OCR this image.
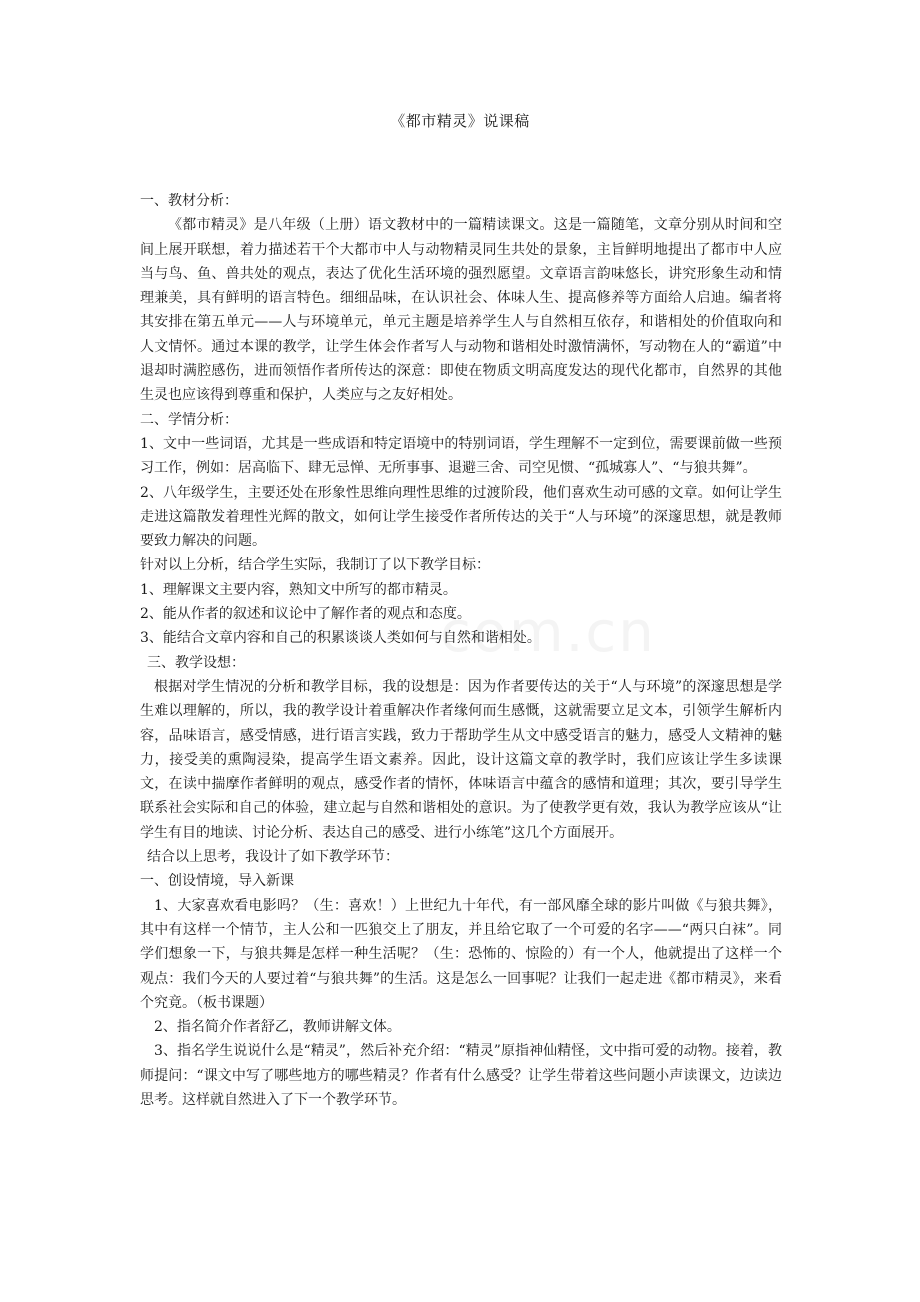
com.cn
《都市精灵》说课稿

一、教材分析：

《都市精灵》是八年级（上册）语文教材中的一篇精读课文。这是一篇随笔，文章分别从时间和空间上展开联想，着力描述若干个大都市中人与动物精灵同生共处的景象，主旨鲜明地提出了都市中人应当与鸟、鱼、兽共处的观点，表达了优化生活环境的强烈愿望。文章语言韵味悠长，讲究形象生动和情理兼美，具有鲜明的语言特色。细细品味，在认识社会、体味人生、提高修养等方面给人启迪。编者将其安排在第五单元——人与环境单元，单元主题是培养学生人与自然相互依存，和谐相处的价值取向和人文情怀。通过本课的教学，让学生体会作者写人与动物和谐相处时激情满怀，写动物在人的“霸道”中退却时满腔感伤，进而领悟作者所传达的深意：即使在物质文明高度发达的现代化都市，自然界的其他生灵也应该得到尊重和保护，人类应与之友好相处。

二、学情分析：

1、文中一些词语，尤其是一些成语和特定语境中的特别词语，学生理解不一定到位，需要课前做一些预习工作，例如：居高临下、肆无忌惮、无所事事、退避三舍、司空见惯、“孤城寡人”、“与狼共舞”。

2、八年级学生，主要还处在形象性思维向理性思维的过渡阶段，他们喜欢生动可感的文章。如何让学生走进这篇散发着理性光辉的散文，如何让学生接受作者所传达的关于“人与环境”的深邃思想，就是教师要致力解决的问题。

针对以上分析，结合学生实际，我制订了以下教学目标：

1、理解课文主要内容，熟知文中所写的都市精灵。

2、能从作者的叙述和议论中了解作者的观点和态度。

3、能结合文章内容和自己的积累谈谈人类如何与自然和谐相处。

三、教学设想：

根据对学生情况的分析和教学目标，我的设想是：因为作者要传达的关于“人与环境”的深邃思想是学生难以理解的，所以，我的教学设计着重解决作者缘何而生感慨，这就需要立足文本，引领学生解析内容，品味语言，感受情感，进行语言实践，致力于帮助学生从文中感受语言的魅力，感受人文精神的魅力，接受美的熏陶浸染，提高学生语文素养。因此，设计这篇文章的教学时，我们应该让学生多读课文，在读中揣摩作者鲜明的观点，感受作者的情怀，体味语言中蕴含的感情和道理；其次，要引导学生联系社会实际和自己的体验，建立起与自然和谐相处的意识。为了使教学更有效，我认为教学应该从“让学生有目的地读、讨论分析、表达自己的感受、进行小练笔”这几个方面展开。

结合以上思考，我设计了如下教学环节：

一、创设情境，导入新课

1、大家喜欢看电影吗？（生：喜欢！）上世纪九十年代，有一部风靡全球的影片叫做《与狼共舞》，其中有这样一个情节，主人公和一匹狼交上了朋友，并且给它取了一个可爱的名字——“两只白袜”。同学们想象一下，与狼共舞是怎样一种生活呢？（生：恐怖的、惊险的）有一个人，他就提出了这样一个观点：我们今天的人要过着“与狼共舞”的生活。这是怎么一回事呢？让我们一起走进《都市精灵》，来看个究竟。（板书课题）

2、指名简介作者舒乙，教师讲解文体。

3、指名学生说说什么是“精灵”，然后补充介绍：“精灵”原指神仙精怪，文中指可爱的动物。接着，教师提问：“课文中写了哪些地方的哪些精灵？作者有什么感受？让学生带着这些问题小声读课文，边读边思考。这样就自然进入了下一个教学环节。
